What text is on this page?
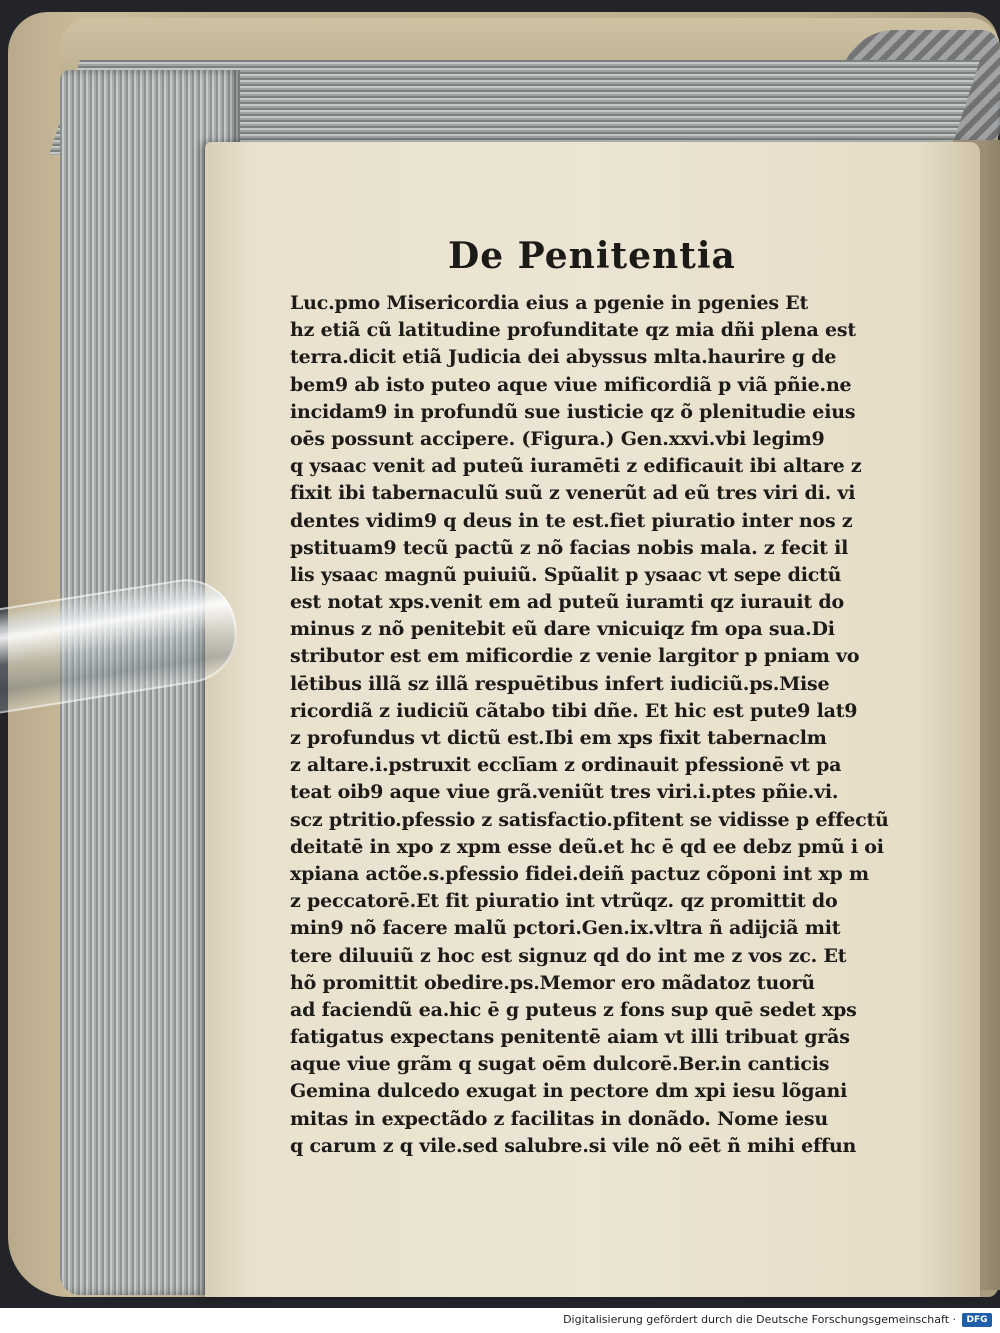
De Penitentia
Luc.pmo Misericordia eius a pgenie in pgenies Et
hz etiã cũ latitudine profunditate qz mia dñi plena est
terra.dicit etiã Judicia dei abyssus mlta.haurire g de
bem9 ab isto puteo aque viue mificordiã p viã pñie.ne
incidam9 in profundũ sue iusticie qz õ plenitudie eius
oēs possunt accipere. (Figura.) Gen.xxvi.vbi legim9
q ysaac venit ad puteũ iuramēti z edificauit ibi altare z
fixit ibi tabernaculũ suũ z venerũt ad eũ tres viri di. vi
dentes vidim9 q deus in te est.fiet piuratio inter nos z
pstituam9 tecũ pactũ z nõ facias nobis mala. z fecit il
lis ysaac magnũ puiuiũ. Spũalit p ysaac vt sepe dictũ
est notat xps.venit em ad puteũ iuramti qz iurauit do
minus z nõ penitebit eũ dare vnicuiqz fm opa sua.Di
stributor est em mificordie z venie largitor p pniam vo
lētibus illã sz illã respuētibus infert iudiciũ.ps.Mise
ricordiã z iudiciũ cãtabo tibi dñe. Et hic est pute9 lat9
z profundus vt dictũ est.Ibi em xps fixit tabernaclm
z altare.i.pstruxit ecclīam z ordinauit pfessionē vt pa
teat oib9 aque viue grã.veniũt tres viri.i.ptes pñie.vi.
scz ptritio.pfessio z satisfactio.pfitent se vidisse p effectũ
deitatē in xpo z xpm esse deũ.et hc ē qd ee debz pmũ i oi
xpiana actõe.s.pfessio fidei.deiñ pactuz cõponi int xp m
z peccatorē.Et fit piuratio int vtrũqz. qz promittit do
min9 nõ facere malũ pctori.Gen.ix.vltra ñ adijciã mit
tere diluuiũ z hoc est signuz qd do int me z vos zc. Et
hõ promittit obedire.ps.Memor ero mãdatoz tuorũ
ad faciendũ ea.hic ē g puteus z fons sup quē sedet xps
fatigatus expectans penitentē aiam vt illi tribuat grãs
aque viue grãm q sugat oēm dulcorē.Ber.in canticis
Gemina dulcedo exugat in pectore dm xpi iesu lõgani
mitas in expectãdo z facilitas in donãdo. Nome iesu
q carum z q vile.sed salubre.si vile nõ eēt ñ mihi effun
Digitalisierung gefördert durch die Deutsche Forschungsgemeinschaft ·	DFG
